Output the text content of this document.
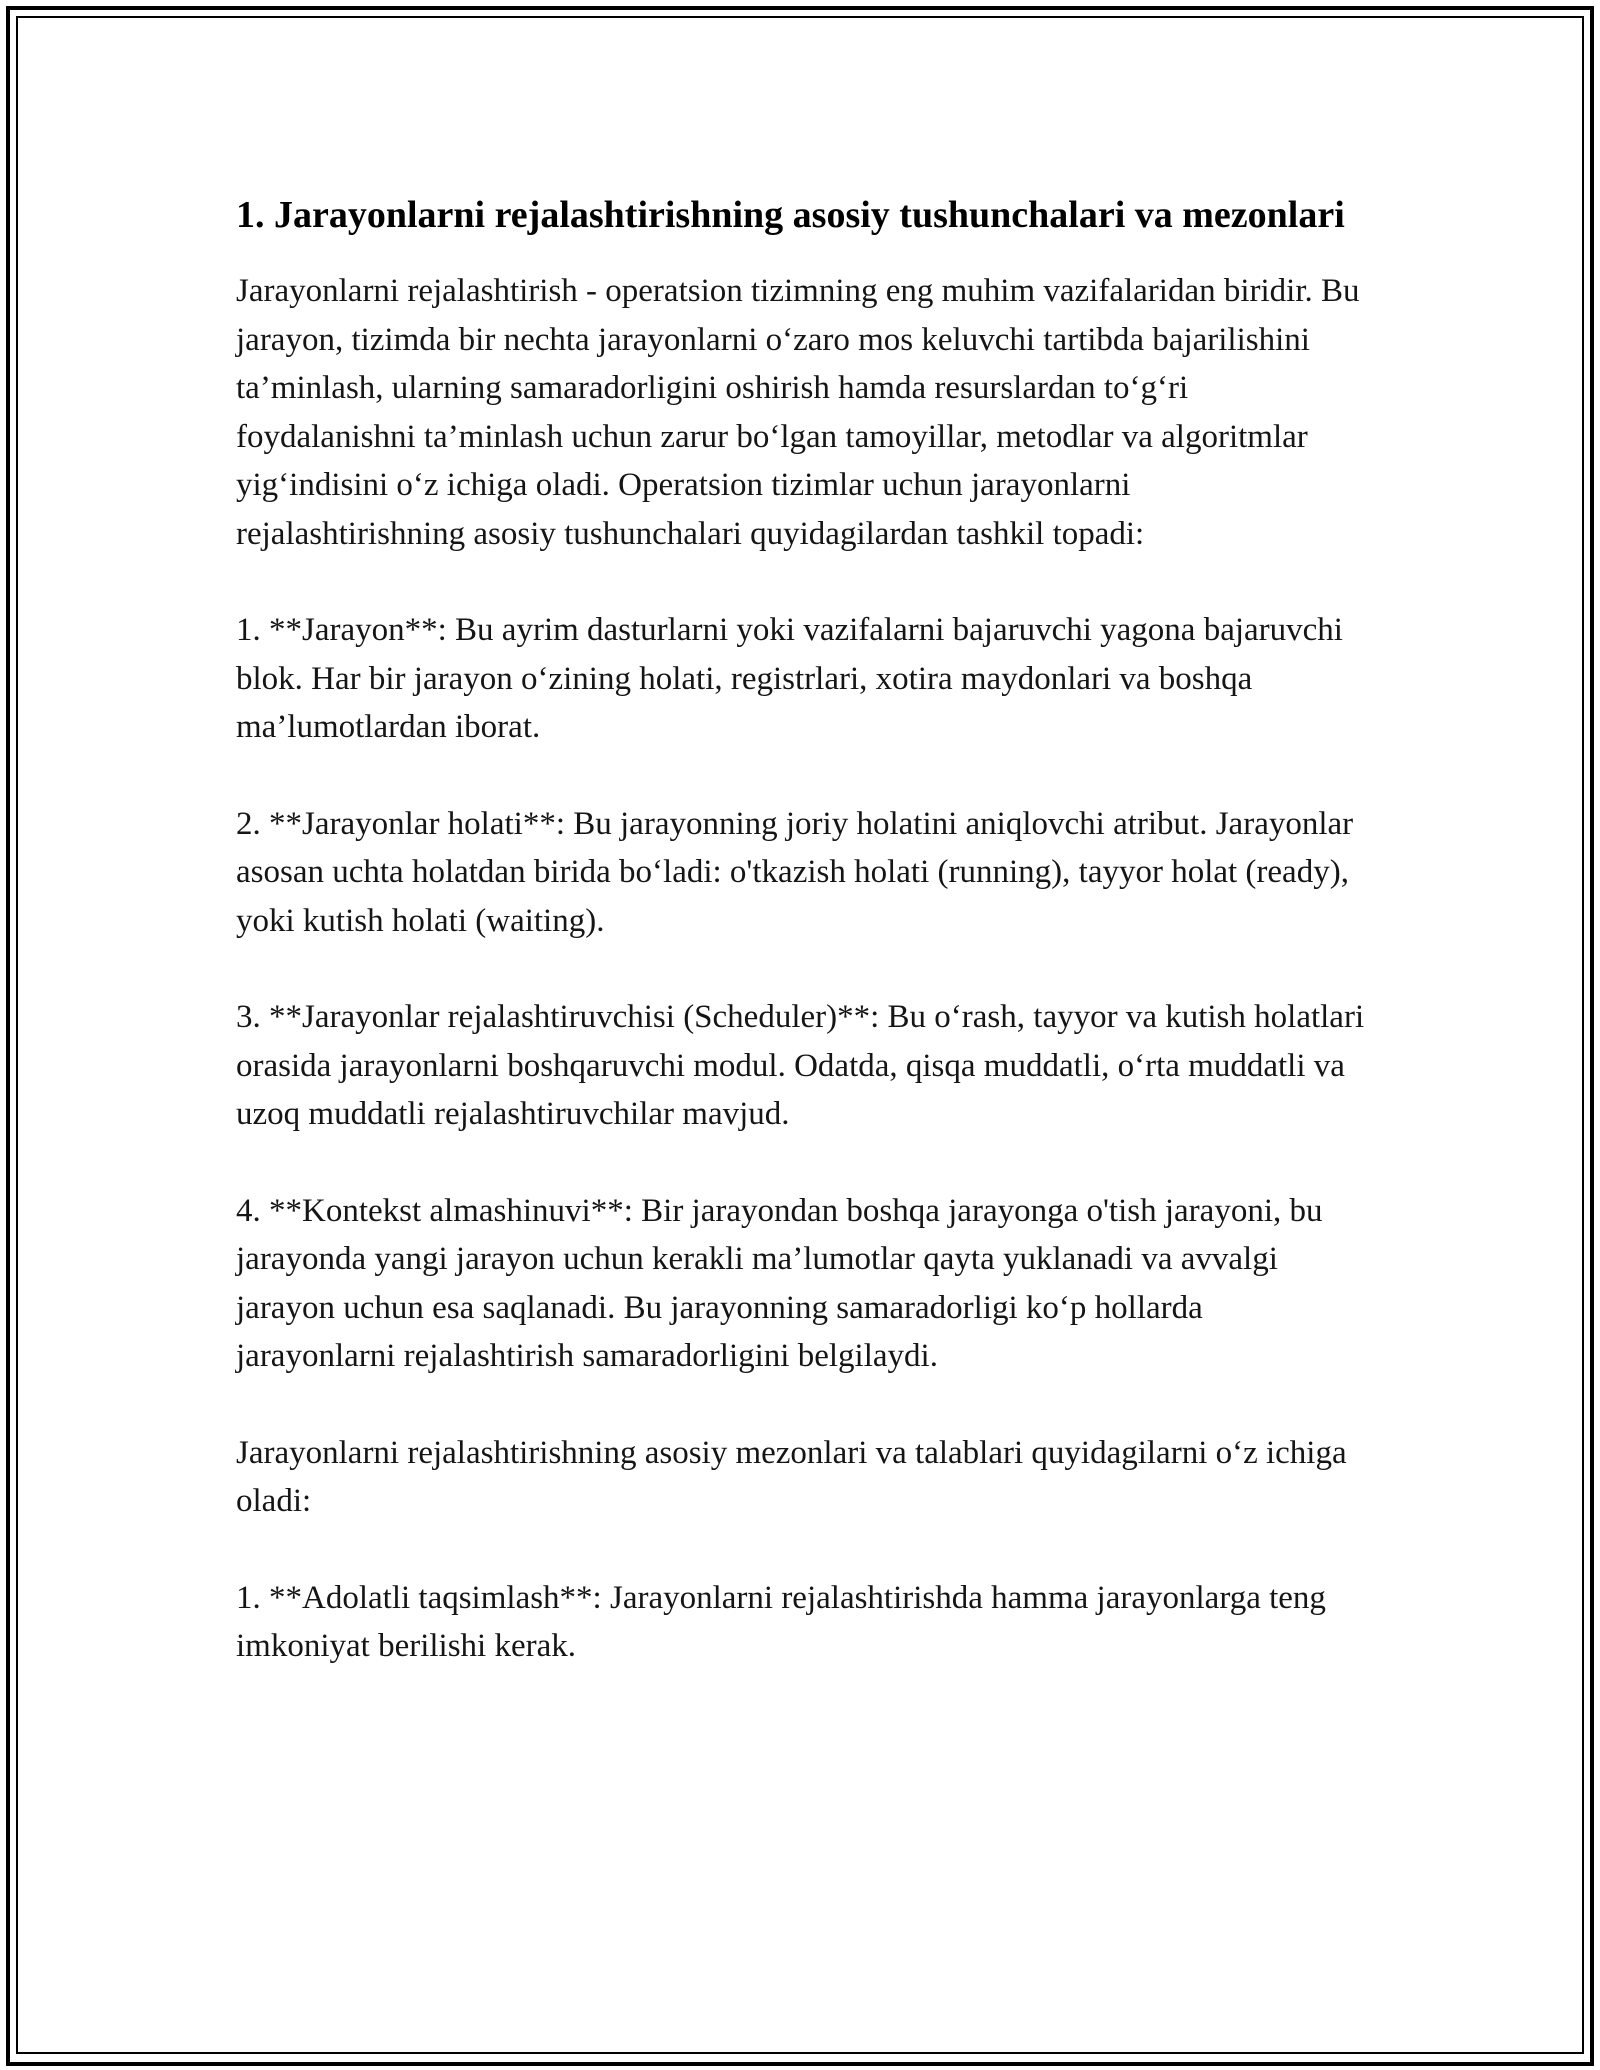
1. Jarayonlarni rejalashtirishning asosiy tushunchalari va mezonlari

Jarayonlarni rejalashtirish - operatsion tizimning eng muhim vazifalaridan biridir. Bu jarayon, tizimda bir nechta jarayonlarni o‘zaro mos keluvchi tartibda bajarilishini ta’minlash, ularning samaradorligini oshirish hamda resurslardan to‘g‘ri foydalanishni ta’minlash uchun zarur bo‘lgan tamoyillar, metodlar va algoritmlar yig‘indisini o‘z ichiga oladi. Operatsion tizimlar uchun jarayonlarni rejalashtirishning asosiy tushunchalari quyidagilardan tashkil topadi:

1. **Jarayon**: Bu ayrim dasturlarni yoki vazifalarni bajaruvchi yagona bajaruvchi blok. Har bir jarayon o‘zining holati, registrlari, xotira maydonlari va boshqa ma’lumotlardan iborat.

2. **Jarayonlar holati**: Bu jarayonning joriy holatini aniqlovchi atribut. Jarayonlar asosan uchta holatdan birida bo‘ladi: o'tkazish holati (running), tayyor holat (ready), yoki kutish holati (waiting).

3. **Jarayonlar rejalashtiruvchisi (Scheduler)**: Bu o‘rash, tayyor va kutish holatlari orasida jarayonlarni boshqaruvchi modul. Odatda, qisqa muddatli, o‘rta muddatli va uzoq muddatli rejalashtiruvchilar mavjud.

4. **Kontekst almashinuvi**: Bir jarayondan boshqa jarayonga o'tish jarayoni, bu jarayonda yangi jarayon uchun kerakli ma’lumotlar qayta yuklanadi va avvalgi jarayon uchun esa saqlanadi. Bu jarayonning samaradorligi ko‘p hollarda jarayonlarni rejalashtirish samaradorligini belgilaydi.

Jarayonlarni rejalashtirishning asosiy mezonlari va talablari quyidagilarni o‘z ichiga oladi:

1. **Adolatli taqsimlash**: Jarayonlarni rejalashtirishda hamma jarayonlarga teng imkoniyat berilishi kerak.
